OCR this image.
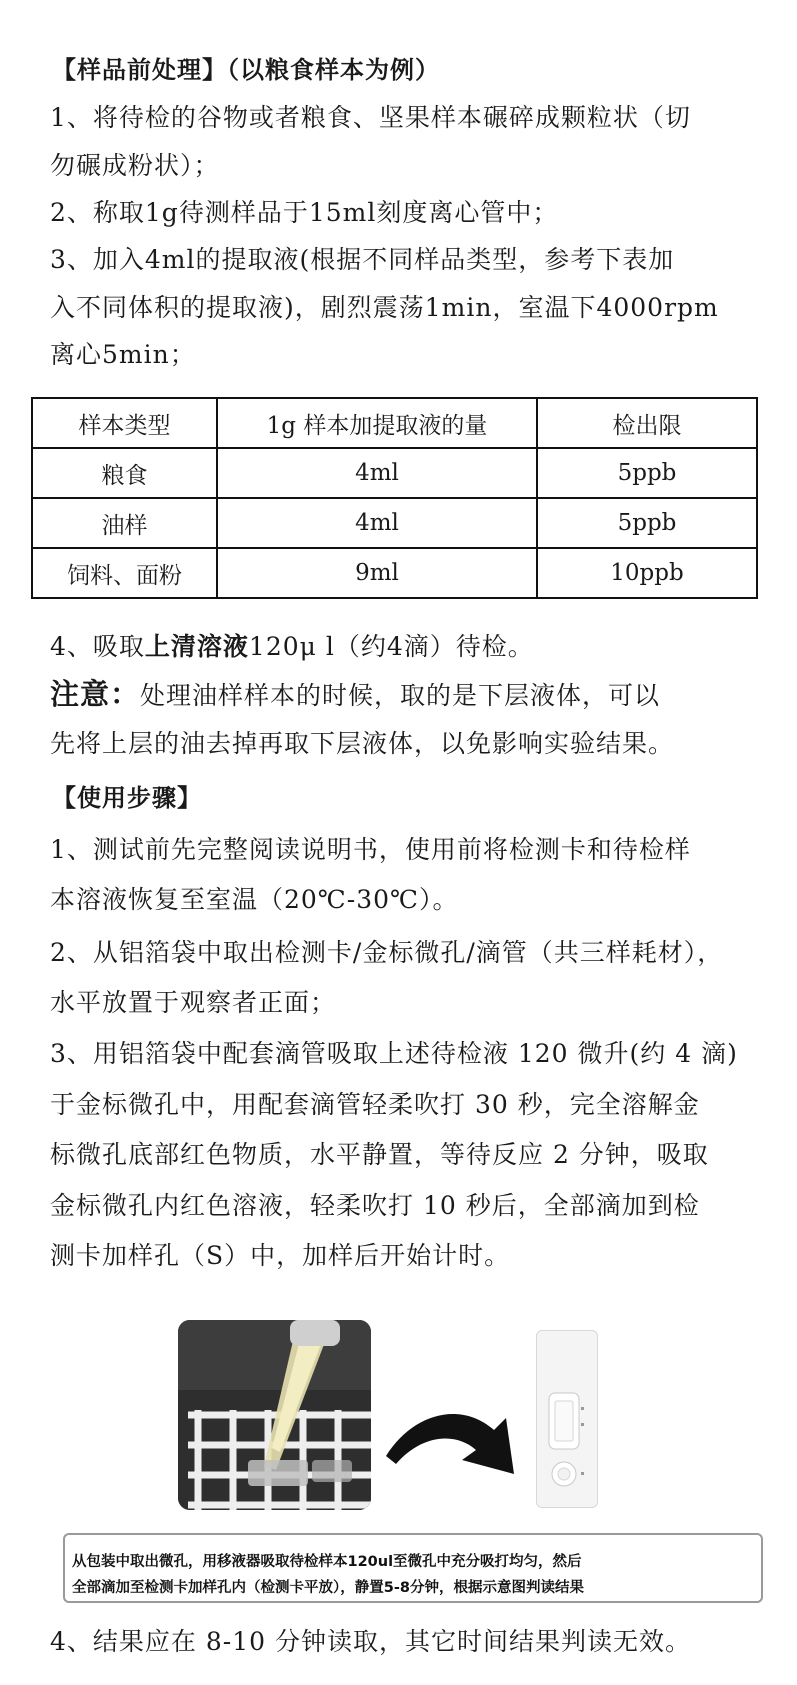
【样品前处理】（以粮食样本为例）
1、将待检的谷物或者粮食、坚果样本碾碎成颗粒状（切
勿碾成粉状）；
2、称取1g待测样品于15ml刻度离心管中；
3、加入4ml的提取液(根据不同样品类型，参考下表加
入不同体积的提取液)，剧烈震荡1min，室温下4000rpm
离心5min；
样本类型	1g 样本加提取液的量	检出限
粮食	4ml	5ppb
油样	4ml	5ppb
饲料、面粉	9ml	10ppb
4、吸取上清溶液120μ l（约4滴）待检。
注意：处理油样样本的时候，取的是下层液体，可以
先将上层的油去掉再取下层液体，以免影响实验结果。
【使用步骤】
1、测试前先完整阅读说明书，使用前将检测卡和待检样
本溶液恢复至室温（20℃-30℃）。
2、从铝箔袋中取出检测卡/金标微孔/滴管（共三样耗材），
水平放置于观察者正面；
3、用铝箔袋中配套滴管吸取上述待检液 120 微升(约 4 滴)
于金标微孔中，用配套滴管轻柔吹打 30 秒，完全溶解金
标微孔底部红色物质，水平静置，等待反应 2 分钟，吸取
金标微孔内红色溶液，轻柔吹打 10 秒后，全部滴加到检
测卡加样孔（S）中，加样后开始计时。
从包装中取出微孔，用移液器吸取待检样本120ul至微孔中充分吸打均匀，然后
全部滴加至检测卡加样孔内（检测卡平放），静置5-8分钟，根据示意图判读结果
4、结果应在 8-10 分钟读取，其它时间结果判读无效。
